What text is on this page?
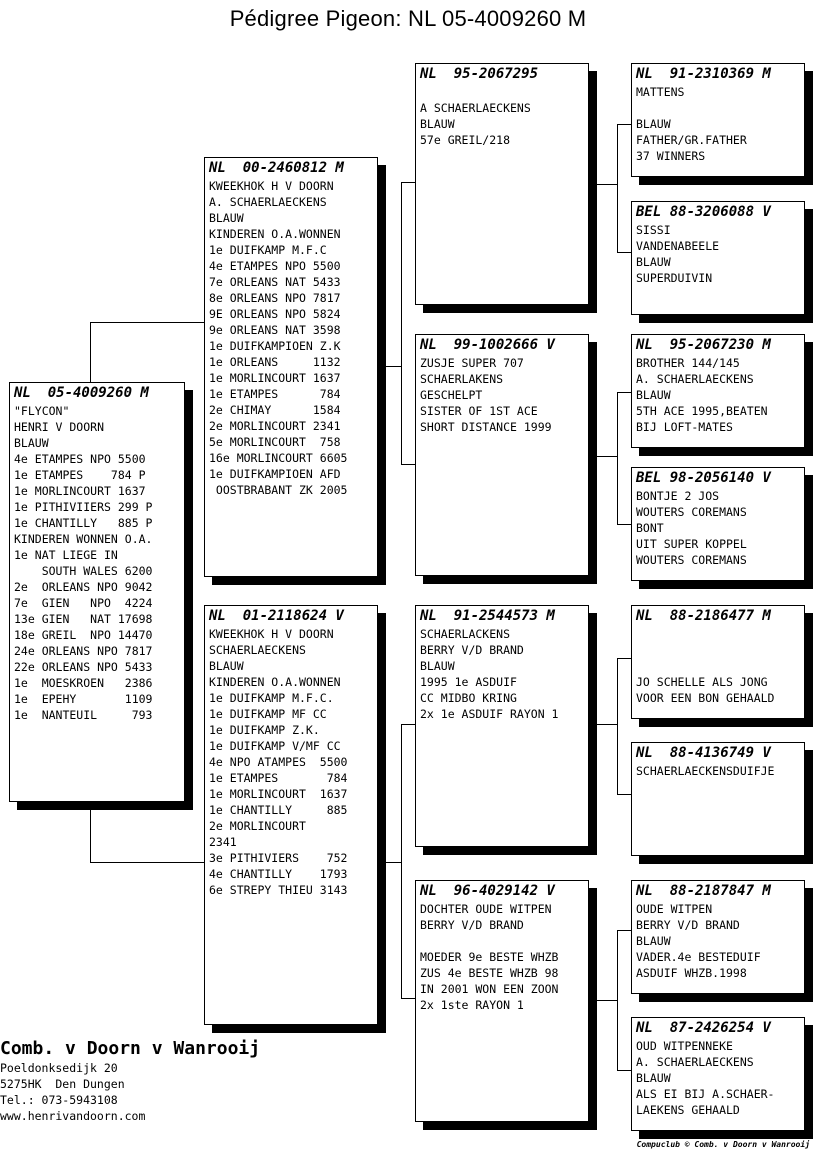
Pédigree Pigeon: NL 05-4009260 M
NL  05-4009260 M
"FLYCON"
HENRI V DOORN
BLAUW
4e ETAMPES NPO 5500
1e ETAMPES    784 P
1e MORLINCOURT 1637
1e PITHIVIIERS 299 P
1e CHANTILLY   885 P
KINDEREN WONNEN O.A.
1e NAT LIEGE IN
SOUTH WALES 6200
2e  ORLEANS NPO 9042
7e  GIEN   NPO  4224
13e GIEN   NAT 17698
18e GREIL  NPO 14470
24e ORLEANS NPO 7817
22e ORLEANS NPO 5433
1e  MOESKROEN   2386
1e  EPEHY       1109
1e  NANTEUIL     793
NL  00-2460812 M
KWEEKHOK H V DOORN
A. SCHAERLAECKENS
BLAUW
KINDEREN O.A.WONNEN
1e DUIFKAMP M.F.C
4e ETAMPES NPO 5500
7e ORLEANS NAT 5433
8e ORLEANS NPO 7817
9E ORLEANS NPO 5824
9e ORLEANS NAT 3598
1e DUIFKAMPIOEN Z.K
1e ORLEANS     1132
1e MORLINCOURT 1637
1e ETAMPES      784
2e CHIMAY      1584
2e MORLINCOURT 2341
5e MORLINCOURT  758
16e MORLINCOURT 6605
1e DUIFKAMPIOEN AFD
OOSTBRABANT ZK 2005
NL  01-2118624 V
KWEEKHOK H V DOORN
SCHAERLAECKENS
BLAUW
KINDEREN O.A.WONNEN
1e DUIFKAMP M.F.C.
1e DUIFKAMP MF CC
1e DUIFKAMP Z.K.
1e DUIFKAMP V/MF CC
4e NPO ATAMPES  5500
1e ETAMPES       784
1e MORLINCOURT  1637
1e CHANTILLY     885
2e MORLINCOURT
2341
3e PITHIVIERS    752
4e CHANTILLY    1793
6e STREPY THIEU 3143
NL  95-2067295

A SCHAERLAECKENS
BLAUW
57e GREIL/218
NL  99-1002666 V
ZUSJE SUPER 707
SCHAERLAKENS
GESCHELPT
SISTER OF 1ST ACE
SHORT DISTANCE 1999
NL  91-2544573 M
SCHAERLACKENS
BERRY V/D BRAND
BLAUW
1995 1e ASDUIF
CC MIDBO KRING
2x 1e ASDUIF RAYON 1
NL  96-4029142 V
DOCHTER OUDE WITPEN
BERRY V/D BRAND

MOEDER 9e BESTE WHZB
ZUS 4e BESTE WHZB 98
IN 2001 WON EEN ZOON
2x 1ste RAYON 1
NL  91-2310369 M
MATTENS

BLAUW
FATHER/GR.FATHER
37 WINNERS
BEL 88-3206088 V
SISSI
VANDENABEELE
BLAUW
SUPERDUIVIN
NL  95-2067230 M
BROTHER 144/145
A. SCHAERLAECKENS
BLAUW
5TH ACE 1995,BEATEN
BIJ LOFT-MATES
BEL 98-2056140 V
BONTJE 2 JOS
WOUTERS COREMANS
BONT
UIT SUPER KOPPEL
WOUTERS COREMANS
NL  88-2186477 M

JO SCHELLE ALS JONG
VOOR EEN BON GEHAALD
NL  88-4136749 V
SCHAERLAECKENSDUIFJE
NL  88-2187847 M
OUDE WITPEN
BERRY V/D BRAND
BLAUW
VADER.4e BESTEDUIF
ASDUIF WHZB.1998
NL  87-2426254 V
OUD WITPENNEKE
A. SCHAERLAECKENS
BLAUW
ALS EI BIJ A.SCHAER-
LAEKENS GEHAALD
Comb. v Doorn v Wanrooij
Poeldonksedijk 20
5275HK  Den Dungen
Tel.: 073-5943108
www.henrivandoorn.com
Compuclub © Comb. v Doorn v Wanrooij
